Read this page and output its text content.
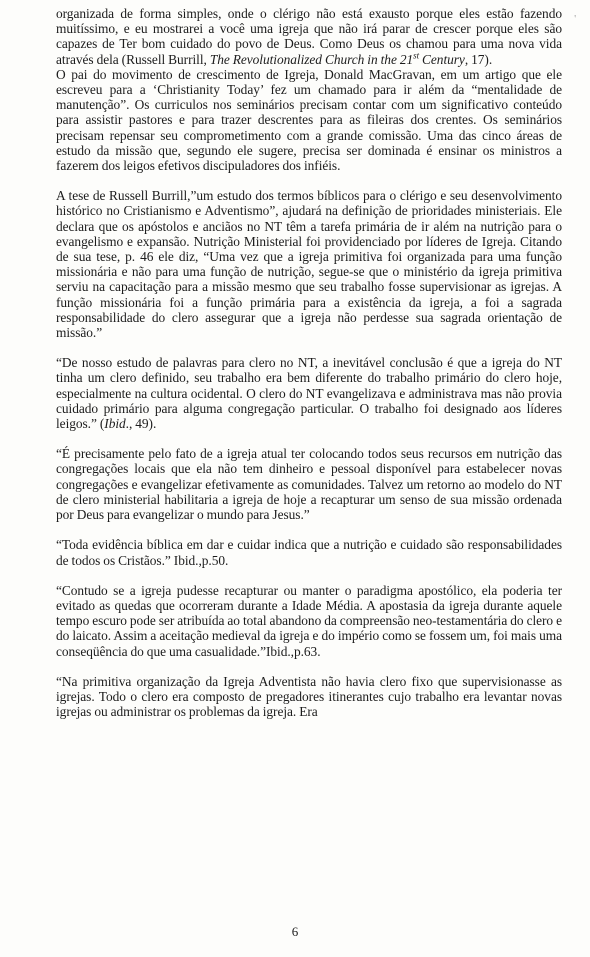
'

organizada de forma simples, onde o clérigo não está exausto porque eles estão fazendo muitíssimo, e eu mostrarei a você uma igreja que não irá parar de crescer porque eles são capazes de Ter bom cuidado do povo de Deus. Como Deus os chamou para uma nova vida através dela (Russell Burrill, The Revolutionalized Church in the 21st Century, 17).

O pai do movimento de crescimento de Igreja, Donald MacGravan, em um artigo que ele escreveu para a ‘Christianity Today’ fez um chamado para ir além da “mentalidade de manutenção”. Os curriculos nos seminários precisam contar com um significativo conteúdo para assistir pastores e para trazer descrentes para as fileiras dos crentes. Os seminários precisam repensar seu comprometimento com a grande comissão. Uma das cinco áreas de estudo da missão que, segundo ele sugere, precisa ser dominada é ensinar os ministros a fazerem dos leigos efetivos discipuladores dos infiéis.

A tese de Russell Burrill,”um estudo dos termos bíblicos para o clérigo e seu desenvolvimento histórico no Cristianismo e Adventismo”, ajudará na definição de prioridades ministeriais. Ele declara que os apóstolos e anciãos no NT têm a tarefa primária de ir além na nutrição para o evangelismo e expansão. Nutrição Ministerial foi providenciado por líderes de Igreja. Citando de sua tese, p. 46 ele diz, “Uma vez que a igreja primitiva foi organizada para uma função missionária e não para uma função de nutrição, segue-se que o ministério da igreja primitiva serviu na capacitação para a missão mesmo que seu trabalho fosse supervisionar as igrejas. A função missionária foi a função primária para a existência da igreja, a foi a sagrada responsabilidade do clero assegurar que a igreja não perdesse sua sagrada orientação de missão.”

“De nosso estudo de palavras para clero no NT, a inevitável conclusão é que a igreja do NT tinha um clero definido, seu trabalho era bem diferente do trabalho primário do clero hoje, especialmente na cultura ocidental. O clero do NT evangelizava e administrava mas não provia cuidado primário para alguma congregação particular. O trabalho foi designado aos líderes leigos.” (Ibid., 49).

“É precisamente pelo fato de a igreja atual ter colocando todos seus recursos em nutrição das congregações locais que ela não tem dinheiro e pessoal disponível para estabelecer novas congregações e evangelizar efetivamente as comunidades. Talvez um retorno ao modelo do NT de clero ministerial habilitaria a igreja de hoje a recapturar um senso de sua missão ordenada por Deus para evangelizar o mundo para Jesus.”

“Toda evidência bíblica em dar e cuidar indica que a nutrição e cuidado são responsabilidades de todos os Cristãos.” Ibid.,p.50.

“Contudo se a igreja pudesse recapturar ou manter o paradigma apostólico, ela poderia ter evitado as quedas que ocorreram durante a Idade Média. A apostasia da igreja durante aquele tempo escuro pode ser atribuída ao total abandono da compreensão neo-testamentária do clero e do laicato. Assim a aceitação medieval da igreja e do império como se fossem um, foi mais uma conseqüência do que uma casualidade.”Ibid.,p.63.

“Na primitiva organização da Igreja Adventista não havia clero fixo que supervisionasse as igrejas. Todo o clero era composto de pregadores itinerantes cujo trabalho era levantar novas igrejas ou administrar os problemas da igreja. Era

6
